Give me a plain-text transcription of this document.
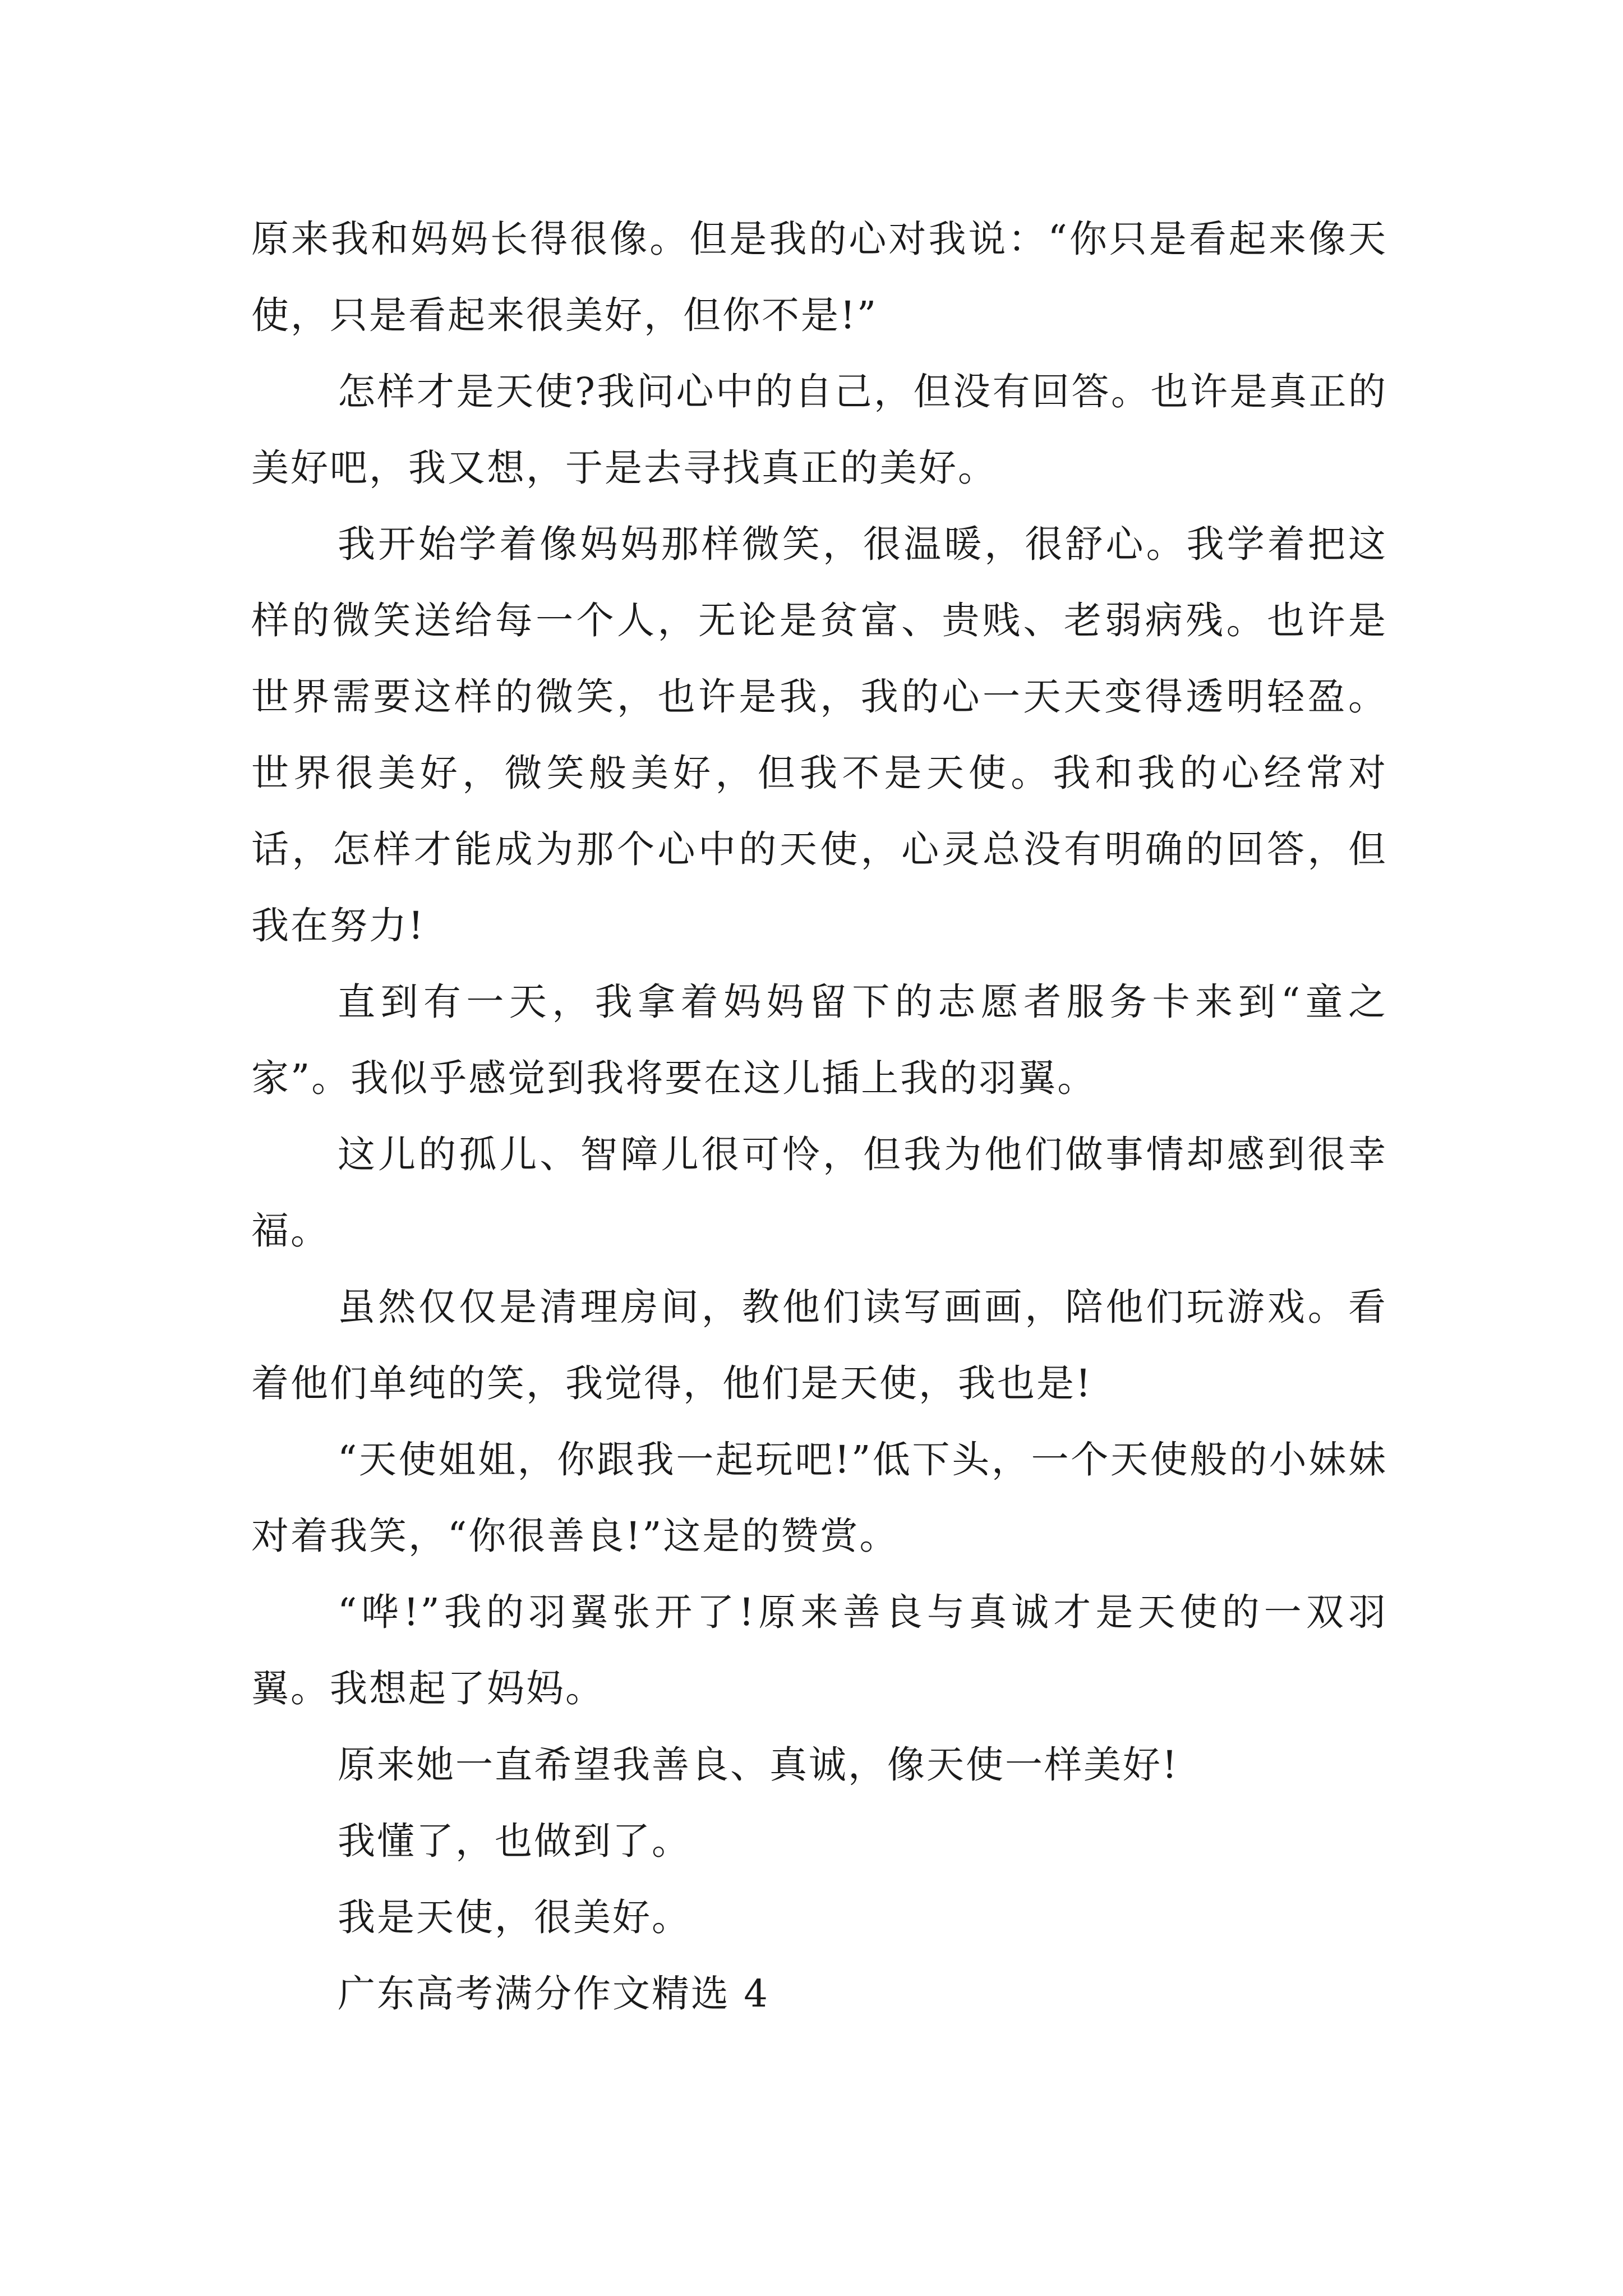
原来我和妈妈长得很像。但是我的心对我说：“你只是看起来像天使，只是看起来很美好，但你不是!”

怎样才是天使?我问心中的自己，但没有回答。也许是真正的美好吧，我又想，于是去寻找真正的美好。

我开始学着像妈妈那样微笑，很温暖，很舒心。我学着把这样的微笑送给每一个人，无论是贫富、贵贱、老弱病残。也许是世界需要这样的微笑，也许是我，我的心一天天变得透明轻盈。世界很美好，微笑般美好，但我不是天使。我和我的心经常对话，怎样才能成为那个心中的天使，心灵总没有明确的回答，但我在努力!

直到有一天，我拿着妈妈留下的志愿者服务卡来到“童之家”。我似乎感觉到我将要在这儿插上我的羽翼。

这儿的孤儿、智障儿很可怜，但我为他们做事情却感到很幸福。

虽然仅仅是清理房间，教他们读写画画，陪他们玩游戏。看着他们单纯的笑，我觉得，他们是天使，我也是!

“天使姐姐，你跟我一起玩吧!”低下头，一个天使般的小妹妹对着我笑，“你很善良!”这是的赞赏。

“哗!”我的羽翼张开了!原来善良与真诚才是天使的一双羽翼。我想起了妈妈。

原来她一直希望我善良、真诚，像天使一样美好!

我懂了，也做到了。

我是天使，很美好。

广东高考满分作文精选 4
